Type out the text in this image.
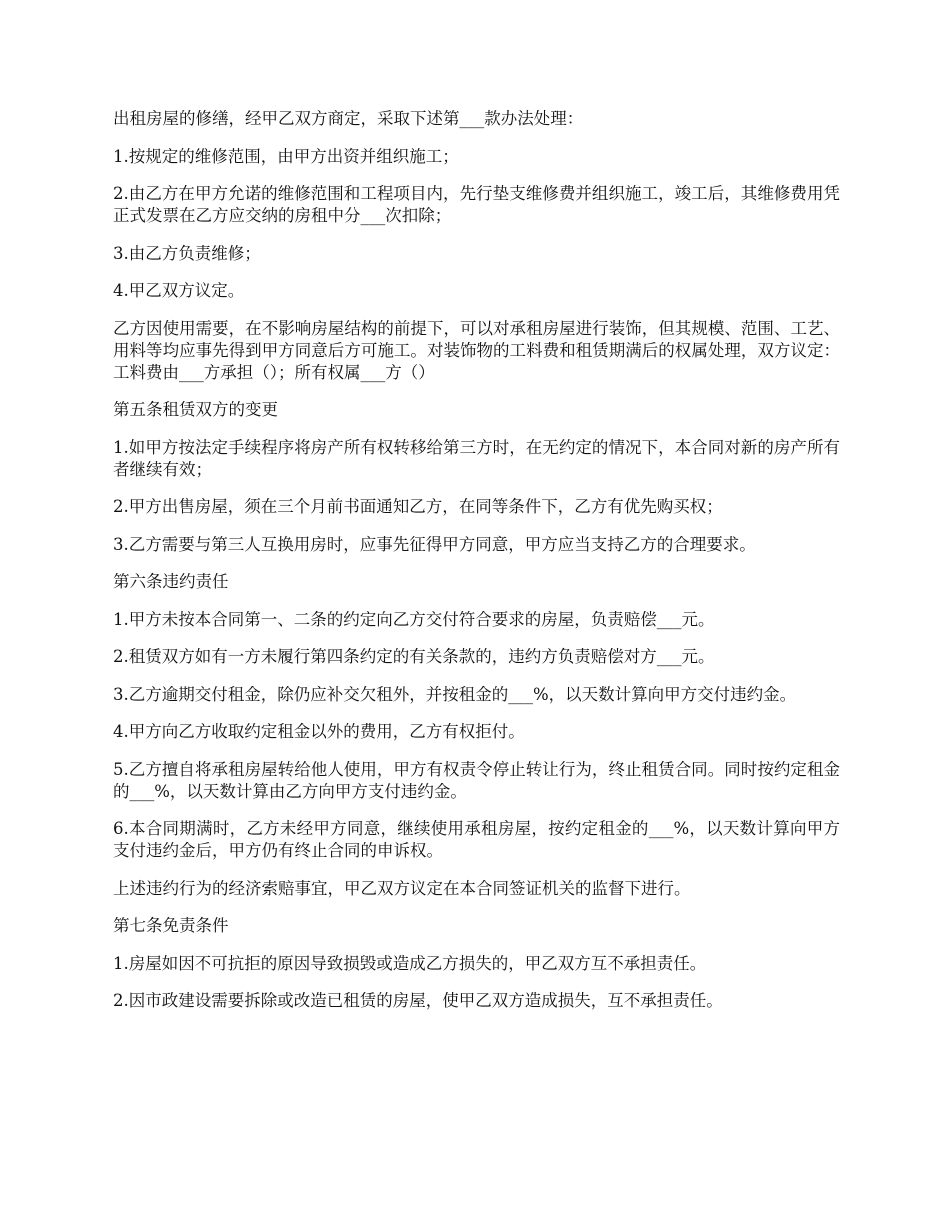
出租房屋的修缮，经甲乙双方商定，采取下述第___款办法处理：

1.按规定的维修范围，由甲方出资并组织施工；

2.由乙方在甲方允诺的维修范围和工程项目内，先行垫支维修费并组织施工，竣工后，其维修费用凭正式发票在乙方应交纳的房租中分___次扣除；

3.由乙方负责维修；

4.甲乙双方议定。

乙方因使用需要，在不影响房屋结构的前提下，可以对承租房屋进行装饰，但其规模、范围、工艺、用料等均应事先得到甲方同意后方可施工。对装饰物的工料费和租赁期满后的权属处理，双方议定：工料费由___方承担（）；所有权属___方（）

第五条租赁双方的变更

1.如甲方按法定手续程序将房产所有权转移给第三方时，在无约定的情况下，本合同对新的房产所有者继续有效；

2.甲方出售房屋，须在三个月前书面通知乙方，在同等条件下，乙方有优先购买权；

3.乙方需要与第三人互换用房时，应事先征得甲方同意，甲方应当支持乙方的合理要求。

第六条违约责任

1.甲方未按本合同第一、二条的约定向乙方交付符合要求的房屋，负责赔偿___元。

2.租赁双方如有一方未履行第四条约定的有关条款的，违约方负责赔偿对方___元。

3.乙方逾期交付租金，除仍应补交欠租外，并按租金的___%，以天数计算向甲方交付违约金。

4.甲方向乙方收取约定租金以外的费用，乙方有权拒付。

5.乙方擅自将承租房屋转给他人使用，甲方有权责令停止转让行为，终止租赁合同。同时按约定租金的___%，以天数计算由乙方向甲方支付违约金。

6.本合同期满时，乙方未经甲方同意，继续使用承租房屋，按约定租金的___%，以天数计算向甲方支付违约金后，甲方仍有终止合同的申诉权。

上述违约行为的经济索赔事宜，甲乙双方议定在本合同签证机关的监督下进行。

第七条免责条件

1.房屋如因不可抗拒的原因导致损毁或造成乙方损失的，甲乙双方互不承担责任。

2.因市政建设需要拆除或改造已租赁的房屋，使甲乙双方造成损失，互不承担责任。
